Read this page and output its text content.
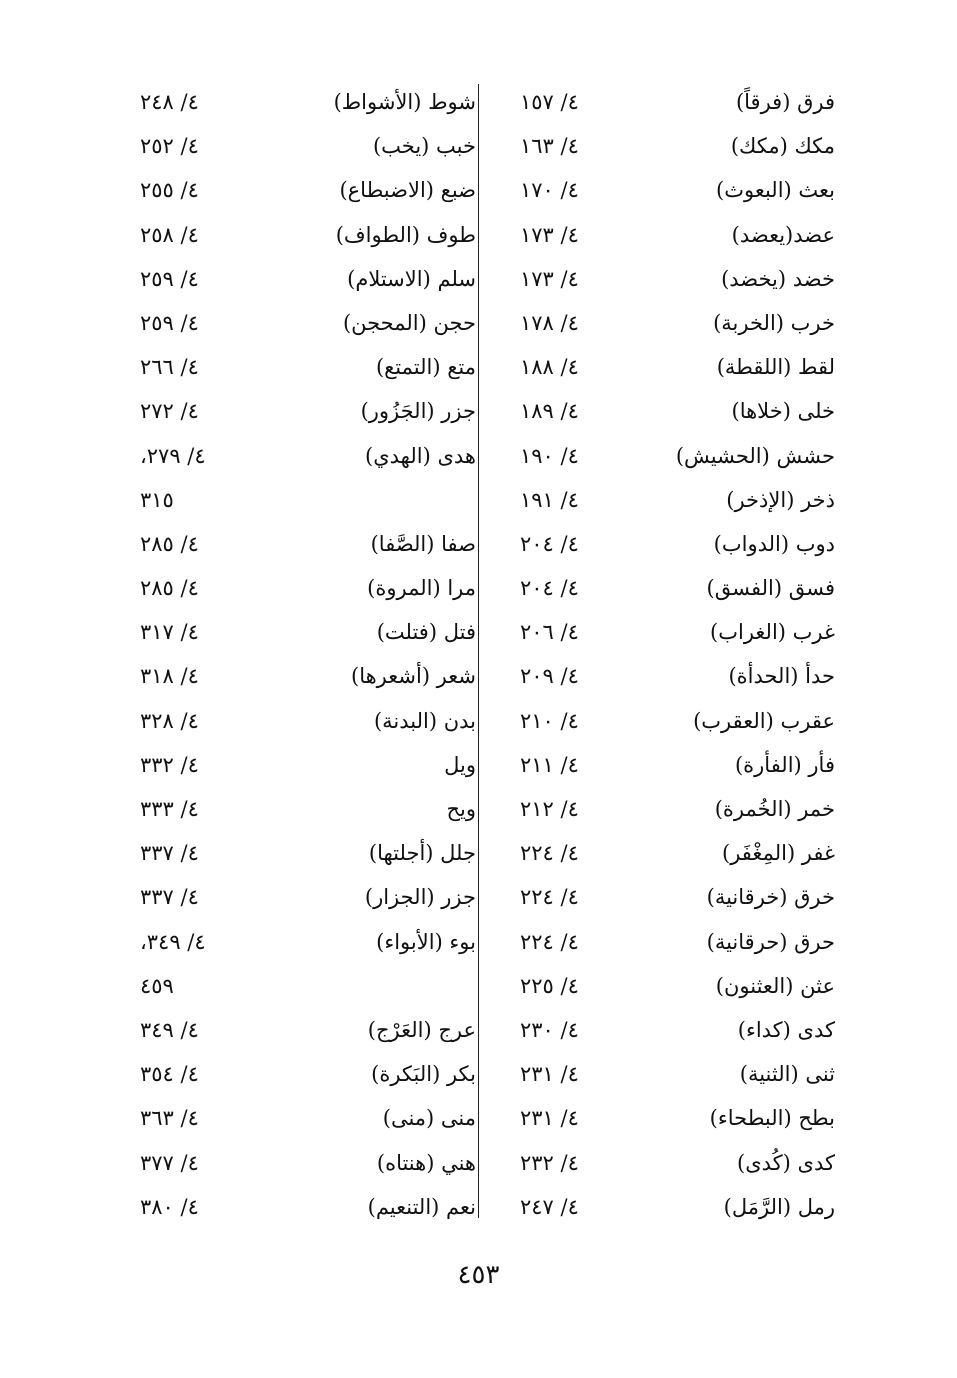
فرق (فرقاً)
٤/ ١٥٧
مكك (مكك)
٤/ ١٦٣
بعث (البعوث)
٤/ ١٧٠
عضد(يعضد)
٤/ ١٧٣
خضد (يخضد)
٤/ ١٧٣
خرب (الخربة)
٤/ ١٧٨
لقط (اللقطة)
٤/ ١٨٨
خلى (خلاها)
٤/ ١٨٩
حشش (الحشيش)
٤/ ١٩٠
ذخر (الإذخر)
٤/ ١٩١
دوب (الدواب)
٤/ ٢٠٤
فسق (الفسق)
٤/ ٢٠٤
غرب (الغراب)
٤/ ٢٠٦
حدأ (الحدأة)
٤/ ٢٠٩
عقرب (العقرب)
٤/ ٢١٠
فأر (الفأرة)
٤/ ٢١١
خمر (الخُمرة)
٤/ ٢١٢
غفر (المِغْفَر)
٤/ ٢٢٤
خرق (خرقانية)
٤/ ٢٢٤
حرق (حرقانية)
٤/ ٢٢٤
عثن (العثنون)
٤/ ٢٢٥
كدى (كداء)
٤/ ٢٣٠
ثنى (الثنية)
٤/ ٢٣١
بطح (البطحاء)
٤/ ٢٣١
كدى (كُدى)
٤/ ٢٣٢
رمل (الرَّمَل)
٤/ ٢٤٧
شوط (الأشواط)
٤/ ٢٤٨
خبب (يخب)
٤/ ٢٥٢
ضبع (الاضبطاع)
٤/ ٢٥٥
طوف (الطواف)
٤/ ٢٥٨
سلم (الاستلام)
٤/ ٢٥٩
حجن (المحجن)
٤/ ٢٥٩
متع (التمتع)
٤/ ٢٦٦
جزر (الجَزُور)
٤/ ٢٧٢
هدى (الهدي)
٤/ ٢٧٩،
٣١٥
صفا (الصَّفا)
٤/ ٢٨٥
مرا (المروة)
٤/ ٢٨٥
فتل (فتلت)
٤/ ٣١٧
شعر (أشعرها)
٤/ ٣١٨
بدن (البدنة)
٤/ ٣٢٨
ويل
٤/ ٣٣٢
ويح
٤/ ٣٣٣
جلل (أجلتها)
٤/ ٣٣٧
جزر (الجزار)
٤/ ٣٣٧
بوء (الأبواء)
٤/ ٣٤٩،
٤٥٩
عرج (العَرْج)
٤/ ٣٤٩
بكر (البَكرة)
٤/ ٣٥٤
منى (منى)
٤/ ٣٦٣
هني (هنتاه)
٤/ ٣٧٧
نعم (التنعيم)
٤/ ٣٨٠
٤٥٣
